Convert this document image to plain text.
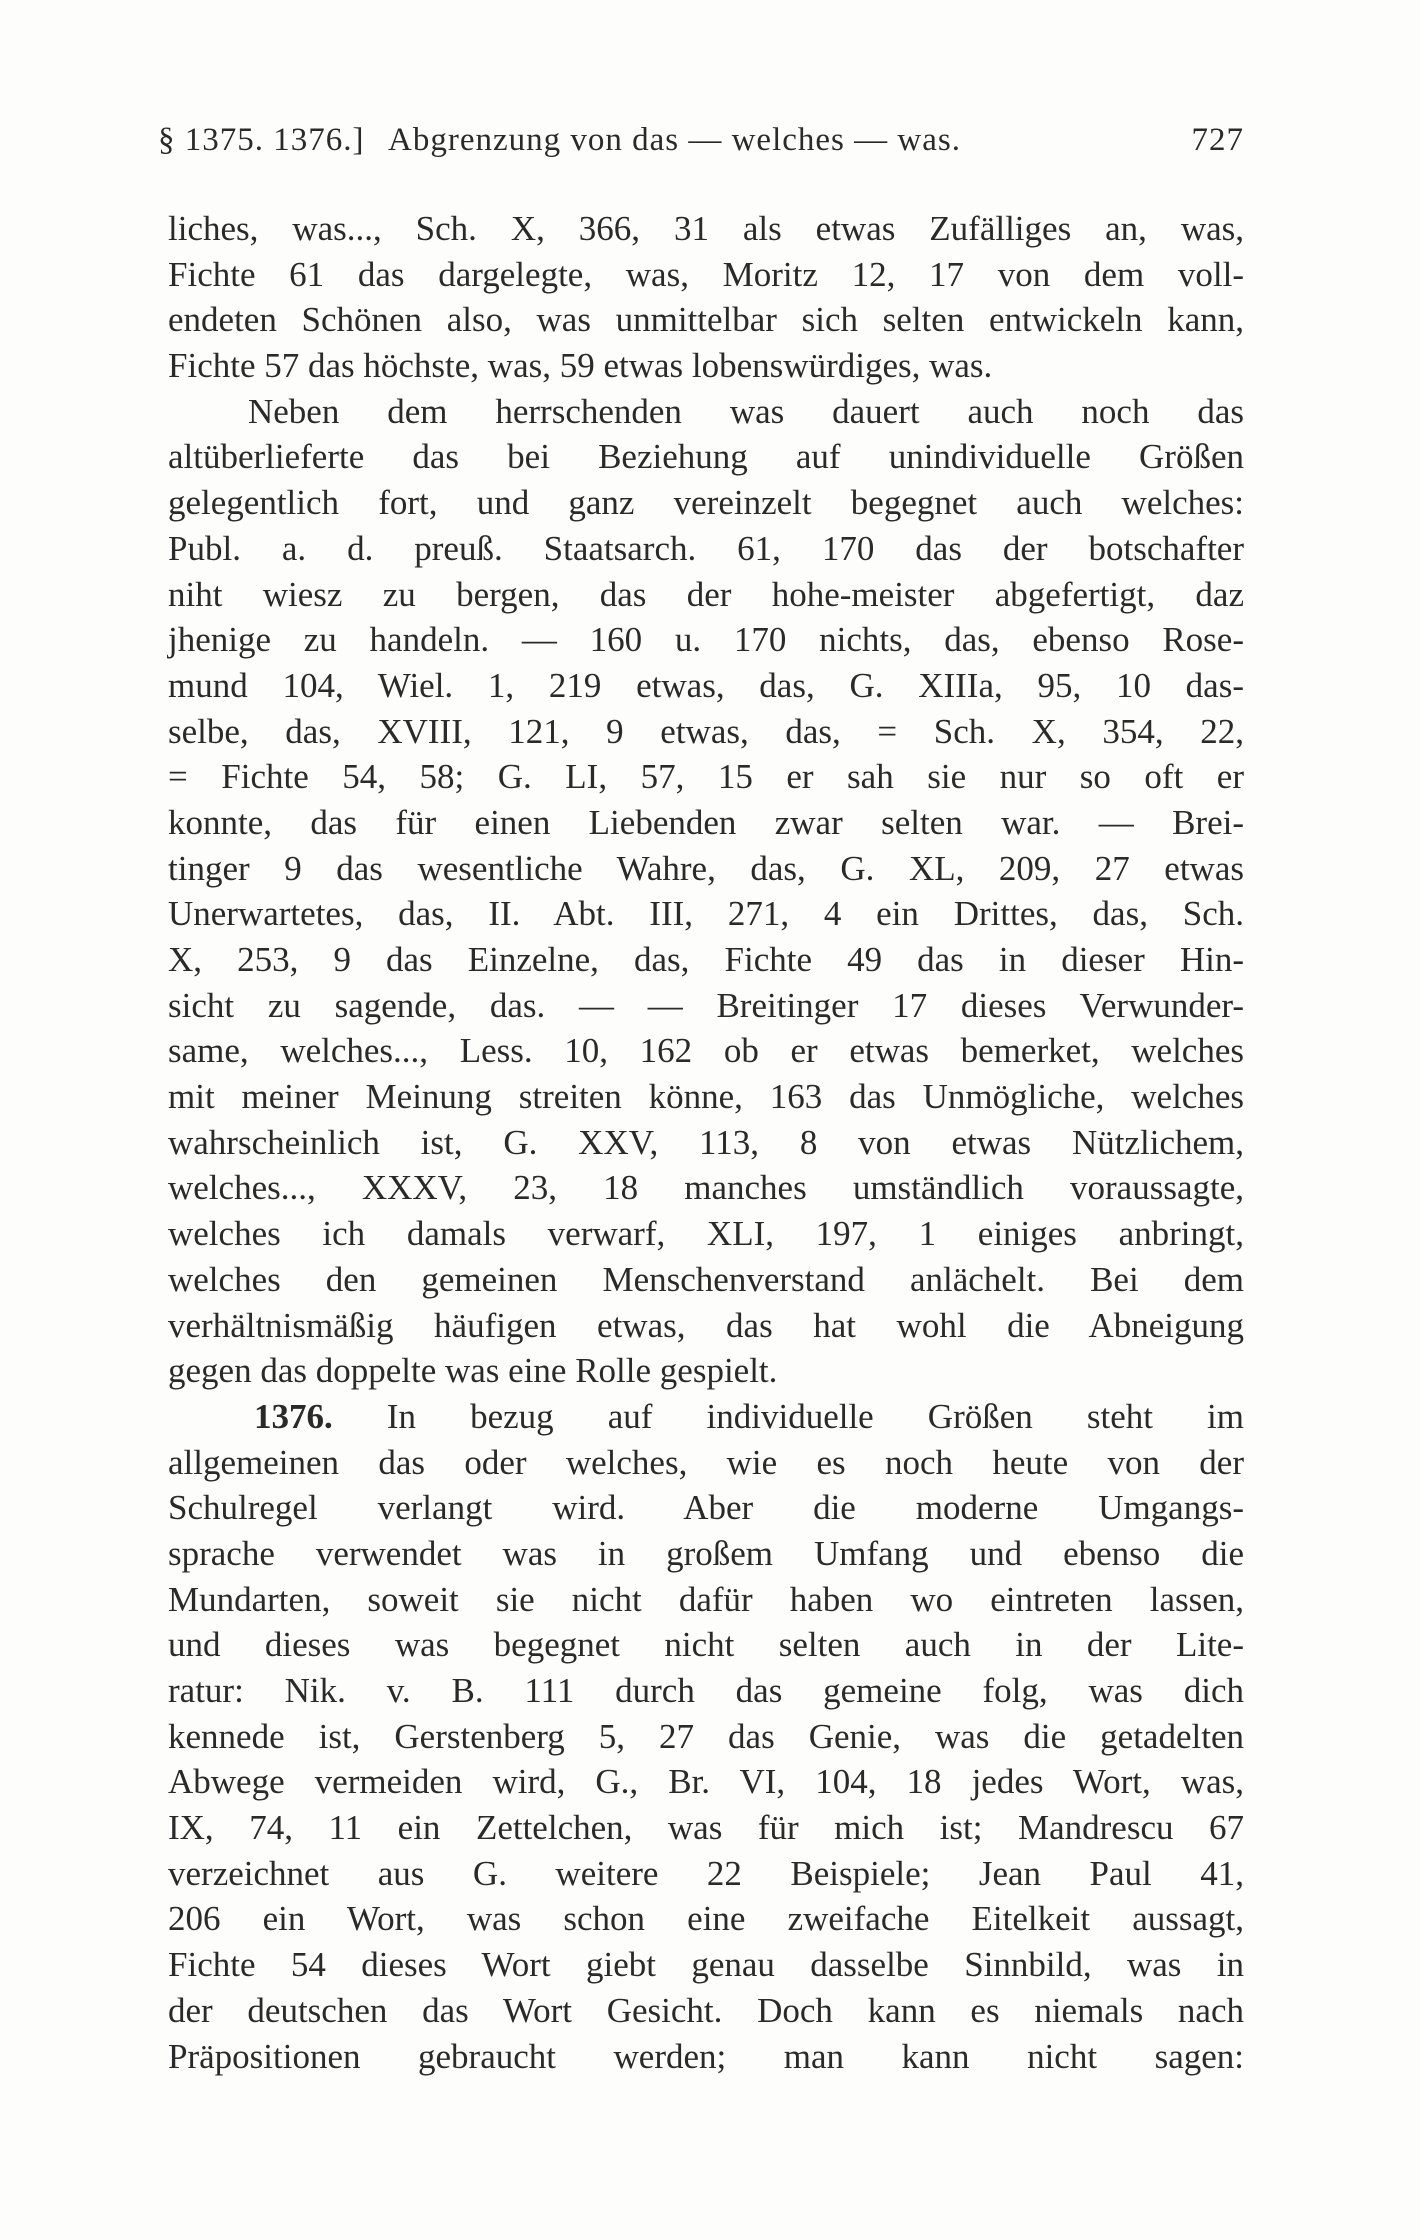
§ 1375. 1376.] Abgrenzung von das — welches — was.	727
liches, was..., Sch. X, 366, 31 als etwas Zufälliges an, was,
Fichte 61 das dargelegte, was, Moritz 12, 17 von dem voll-
endeten Schönen also, was unmittelbar sich selten entwickeln kann,
Fichte 57 das höchste, was, 59 etwas lobenswürdiges, was.
Neben dem herrschenden was dauert auch noch das
altüberlieferte das bei Beziehung auf unindividuelle Größen
gelegentlich fort, und ganz vereinzelt begegnet auch welches:
Publ. a. d. preuß. Staatsarch. 61, 170 das der botschafter
niht wiesz zu bergen, das der hohe-meister abgefertigt, daz
jhenige zu handeln. — 160 u. 170 nichts, das, ebenso Rose-
mund 104, Wiel. 1, 219 etwas, das, G. XIIIa, 95, 10 das-
selbe, das, XVIII, 121, 9 etwas, das, = Sch. X, 354, 22,
= Fichte 54, 58; G. LI, 57, 15 er sah sie nur so oft er
konnte, das für einen Liebenden zwar selten war. — Brei-
tinger 9 das wesentliche Wahre, das, G. XL, 209, 27 etwas
Unerwartetes, das, II. Abt. III, 271, 4 ein Drittes, das, Sch.
X, 253, 9 das Einzelne, das, Fichte 49 das in dieser Hin-
sicht zu sagende, das. — — Breitinger 17 dieses Verwunder-
same, welches..., Less. 10, 162 ob er etwas bemerket, welches
mit meiner Meinung streiten könne, 163 das Unmögliche, welches
wahrscheinlich ist, G. XXV, 113, 8 von etwas Nützlichem,
welches..., XXXV, 23, 18 manches umständlich voraussagte,
welches ich damals verwarf, XLI, 197, 1 einiges anbringt,
welches den gemeinen Menschenverstand anlächelt. Bei dem
verhältnismäßig häufigen etwas, das hat wohl die Abneigung
gegen das doppelte was eine Rolle gespielt.
1376. In bezug auf individuelle Größen steht im
allgemeinen das oder welches, wie es noch heute von der
Schulregel verlangt wird. Aber die moderne Umgangs-
sprache verwendet was in großem Umfang und ebenso die
Mundarten, soweit sie nicht dafür haben wo eintreten lassen,
und dieses was begegnet nicht selten auch in der Lite-
ratur: Nik. v. B. 111 durch das gemeine folg, was dich
kennede ist, Gerstenberg 5, 27 das Genie, was die getadelten
Abwege vermeiden wird, G., Br. VI, 104, 18 jedes Wort, was,
IX, 74, 11 ein Zettelchen, was für mich ist; Mandrescu 67
verzeichnet aus G. weitere 22 Beispiele; Jean Paul 41,
206 ein Wort, was schon eine zweifache Eitelkeit aussagt,
Fichte 54 dieses Wort giebt genau dasselbe Sinnbild, was in
der deutschen das Wort Gesicht. Doch kann es niemals nach
Präpositionen gebraucht werden; man kann nicht sagen:
